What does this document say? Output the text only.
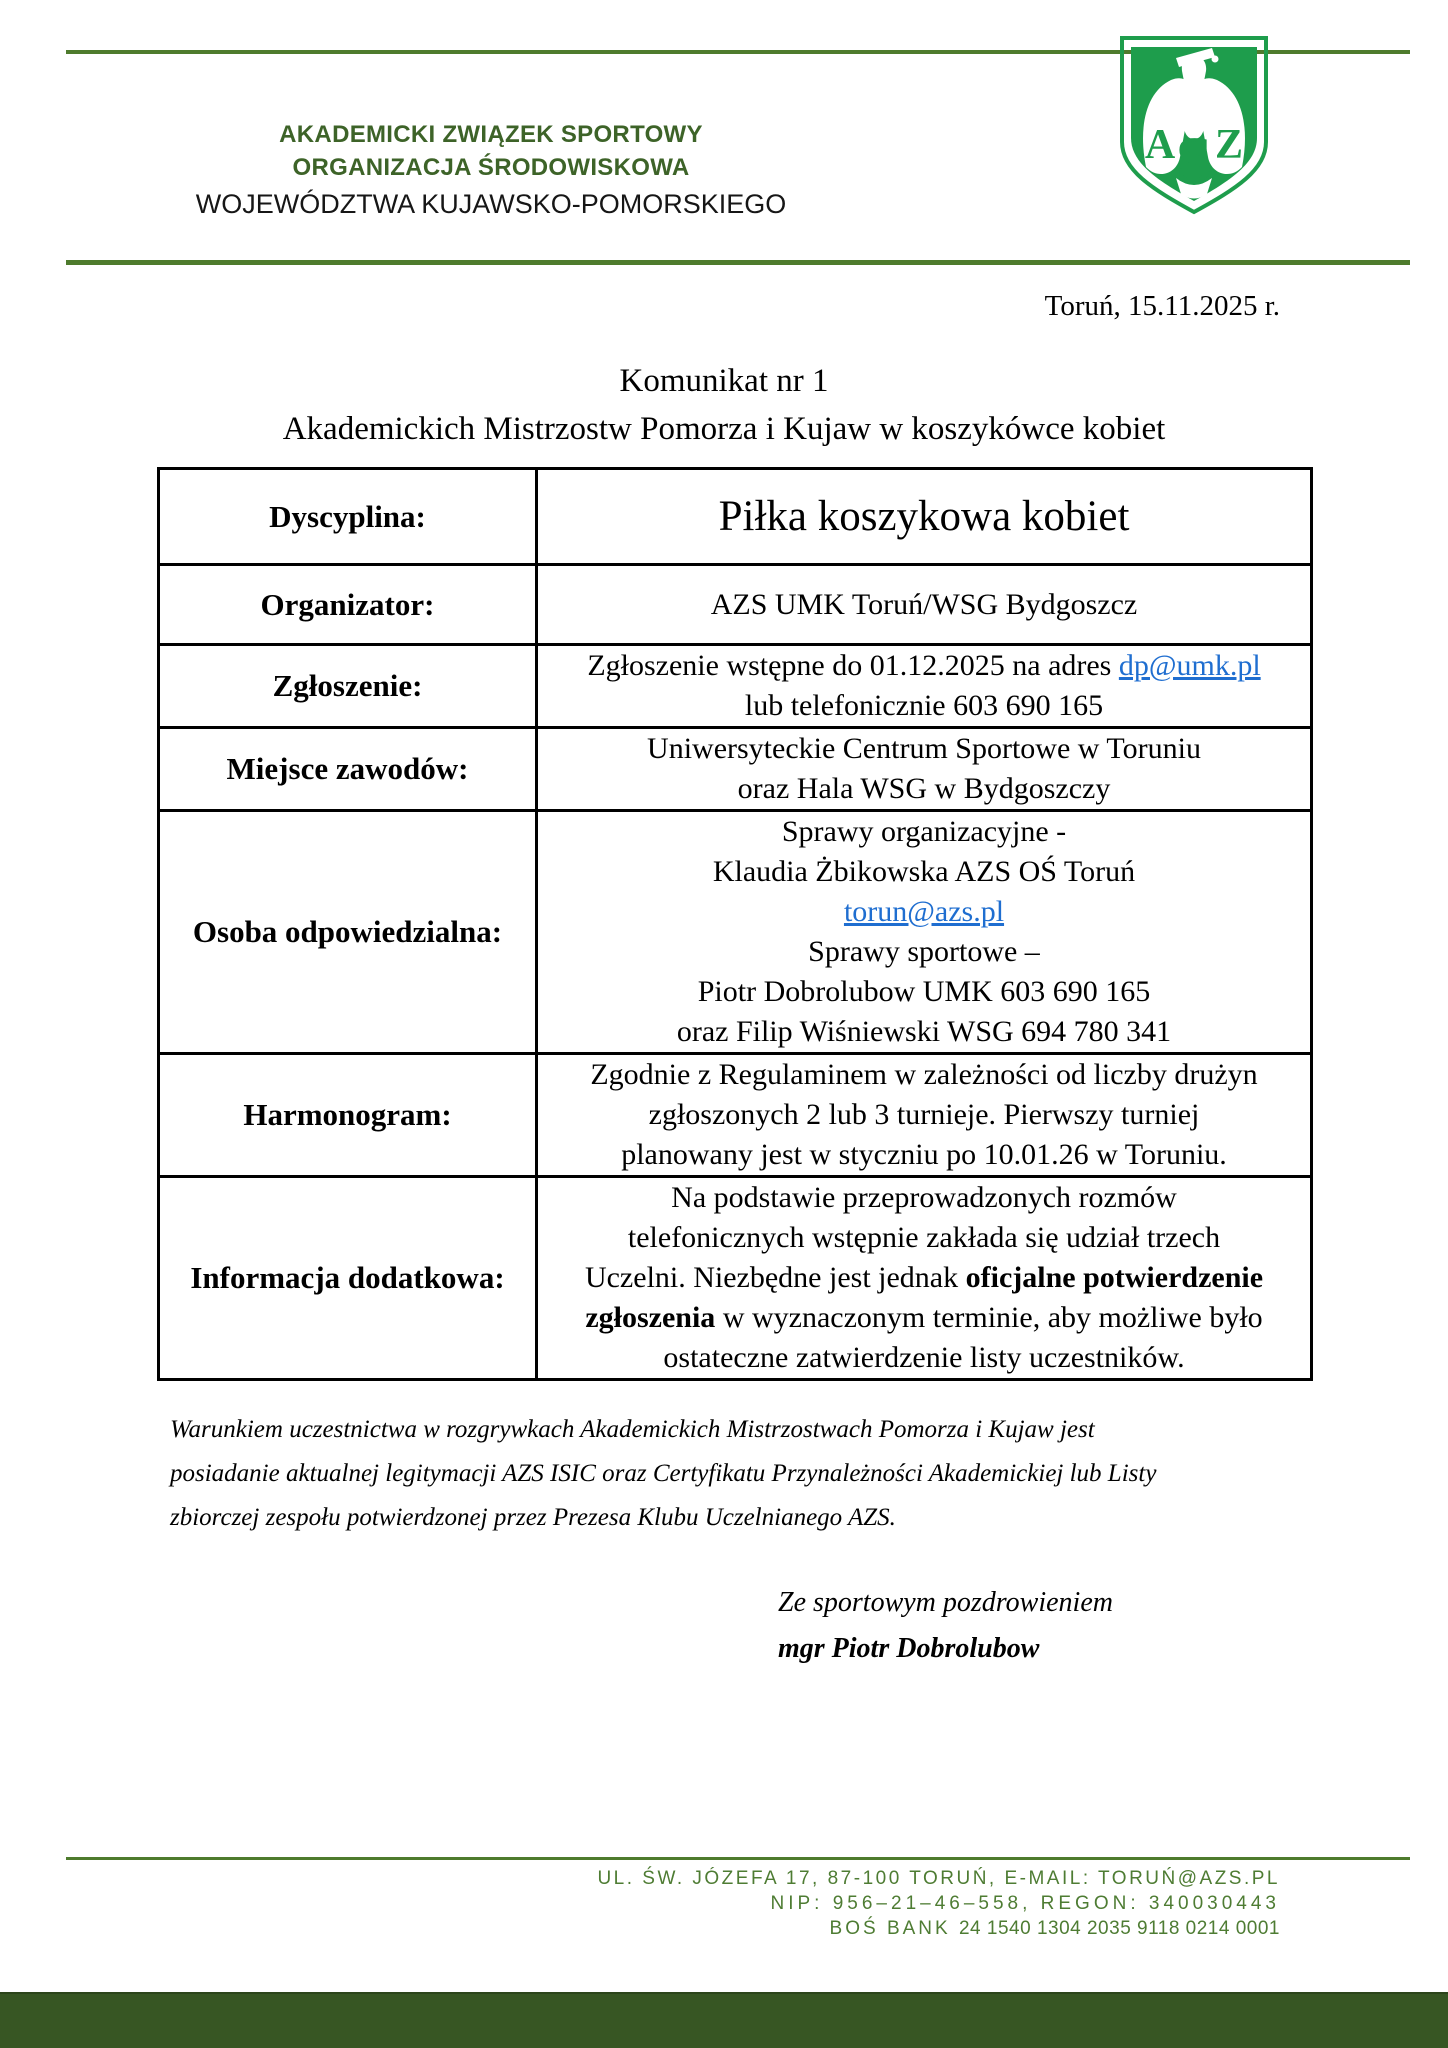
AKADEMICKI ZWIĄZEK SPORTOWY
ORGANIZACJA ŚRODOWISKOWA
WOJEWÓDZTWA KUJAWSKO-POMORSKIEGO
A S Z
Toruń, 15.11.2025 r.
Komunikat nr 1
Akademickich Mistrzostw Pomorza i Kujaw w koszykówce kobiet
Dyscyplina:	Piłka koszykowa kobiet
Organizator:	AZS UMK Toruń/WSG Bydgoszcz
Zgłoszenie:	Zgłoszenie wstępne do 01.12.2025 na adres dp@umk.pl
lub telefonicznie 603 690 165

Miejsce zawodów:	Uniwersyteckie Centrum Sportowe w Toruniu
oraz Hala WSG w Bydgoszczy

Osoba odpowiedzialna:	
Sprawy organizacyjne -
Klaudia Żbikowska AZS OŚ Toruń
torun@azs.pl
Sprawy sportowe –
Piotr Dobrolubow UMK 603 690 165
oraz Filip Wiśniewski WSG 694 780 341

Harmonogram:	Zgodnie z Regulaminem w zależności od liczby drużyn
zgłoszonych 2 lub 3 turnieje. Pierwszy turniej
planowany jest w styczniu po 10.01.26 w Toruniu.

Informacja dodatkowa:	Na podstawie przeprowadzonych rozmów
telefonicznych wstępnie zakłada się udział trzech
Uczelni. Niezbędne jest jednak oficjalne potwierdzenie
zgłoszenia w wyznaczonym terminie, aby możliwe było
ostateczne zatwierdzenie listy uczestników.
Warunkiem uczestnictwa w rozgrywkach Akademickich Mistrzostwach Pomorza i Kujaw jest
posiadanie aktualnej legitymacji AZS ISIC oraz Certyfikatu Przynależności Akademickiej lub Listy
zbiorczej zespołu potwierdzonej przez Prezesa Klubu Uczelnianego AZS.
Ze sportowym pozdrowieniem
mgr Piotr Dobrolubow
UL. ŚW. JÓZEFA 17, 87-100 TORUŃ, E-MAIL: TORUŃ@AZS.PL
NIP: 956–21–46–558, REGON: 340030443
BOŚ BANK 24 1540 1304 2035 9118 0214 0001
